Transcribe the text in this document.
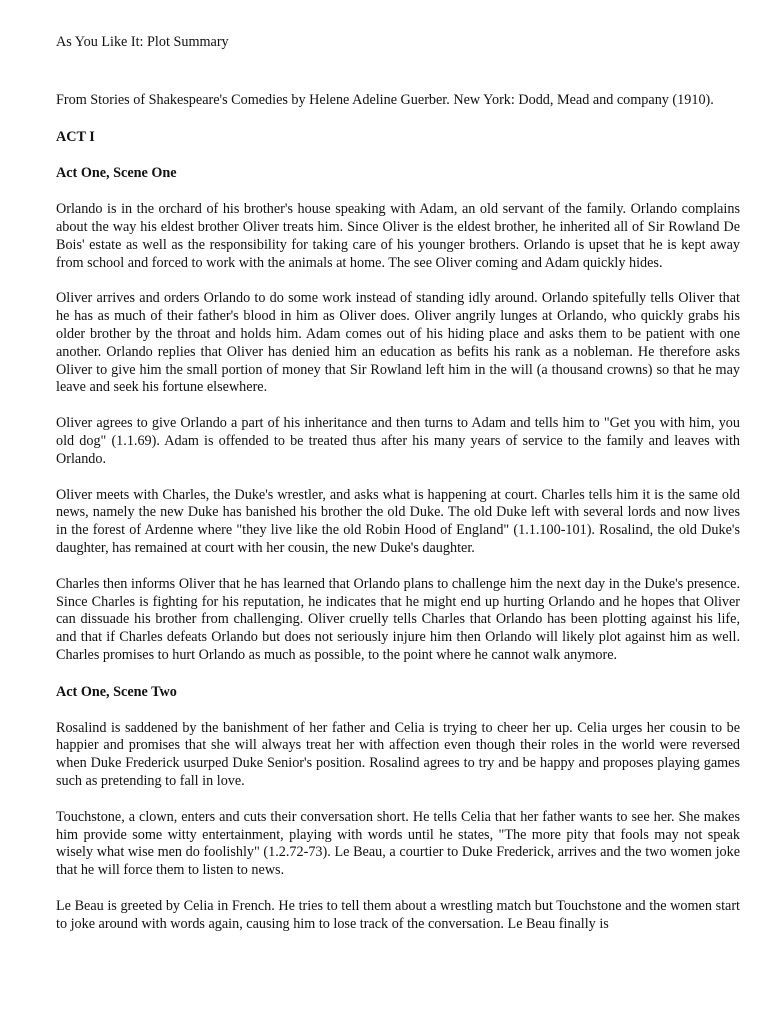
As You Like It: Plot Summary

From Stories of Shakespeare's Comedies by Helene Adeline Guerber. New York: Dodd, Mead and company (1910).

ACT I

Act One, Scene One

Orlando is in the orchard of his brother's house speaking with Adam, an old servant of the family. Orlando complains about the way his eldest brother Oliver treats him. Since Oliver is the eldest brother, he inherited all of Sir Rowland De Bois' estate as well as the responsibility for taking care of his younger brothers. Orlando is upset that he is kept away from school and forced to work with the animals at home. The see Oliver coming and Adam quickly hides.

Oliver arrives and orders Orlando to do some work instead of standing idly around. Orlando spitefully tells Oliver that he has as much of their father's blood in him as Oliver does. Oliver angrily lunges at Orlando, who quickly grabs his older brother by the throat and holds him. Adam comes out of his hiding place and asks them to be patient with one another. Orlando replies that Oliver has denied him an education as befits his rank as a nobleman. He therefore asks Oliver to give him the small portion of money that Sir Rowland left him in the will (a thousand crowns) so that he may leave and seek his fortune elsewhere.

Oliver agrees to give Orlando a part of his inheritance and then turns to Adam and tells him to "Get you with him, you old dog" (1.1.69). Adam is offended to be treated thus after his many years of service to the family and leaves with Orlando.

Oliver meets with Charles, the Duke's wrestler, and asks what is happening at court. Charles tells him it is the same old news, namely the new Duke has banished his brother the old Duke. The old Duke left with several lords and now lives in the forest of Ardenne where "they live like the old Robin Hood of England" (1.1.100-101). Rosalind, the old Duke's daughter, has remained at court with her cousin, the new Duke's daughter.

Charles then informs Oliver that he has learned that Orlando plans to challenge him the next day in the Duke's presence. Since Charles is fighting for his reputation, he indicates that he might end up hurting Orlando and he hopes that Oliver can dissuade his brother from challenging. Oliver cruelly tells Charles that Orlando has been plotting against his life, and that if Charles defeats Orlando but does not seriously injure him then Orlando will likely plot against him as well. Charles promises to hurt Orlando as much as possible, to the point where he cannot walk anymore.

Act One, Scene Two

Rosalind is saddened by the banishment of her father and Celia is trying to cheer her up. Celia urges her cousin to be happier and promises that she will always treat her with affection even though their roles in the world were reversed when Duke Frederick usurped Duke Senior's position. Rosalind agrees to try and be happy and proposes playing games such as pretending to fall in love.

Touchstone, a clown, enters and cuts their conversation short. He tells Celia that her father wants to see her. She makes him provide some witty entertainment, playing with words until he states, "The more pity that fools may not speak wisely what wise men do foolishly" (1.2.72-73). Le Beau, a courtier to Duke Frederick, arrives and the two women joke that he will force them to listen to news.

Le Beau is greeted by Celia in French. He tries to tell them about a wrestling match but Touchstone and the women start to joke around with words again, causing him to lose track of the conversation. Le Beau finally is
